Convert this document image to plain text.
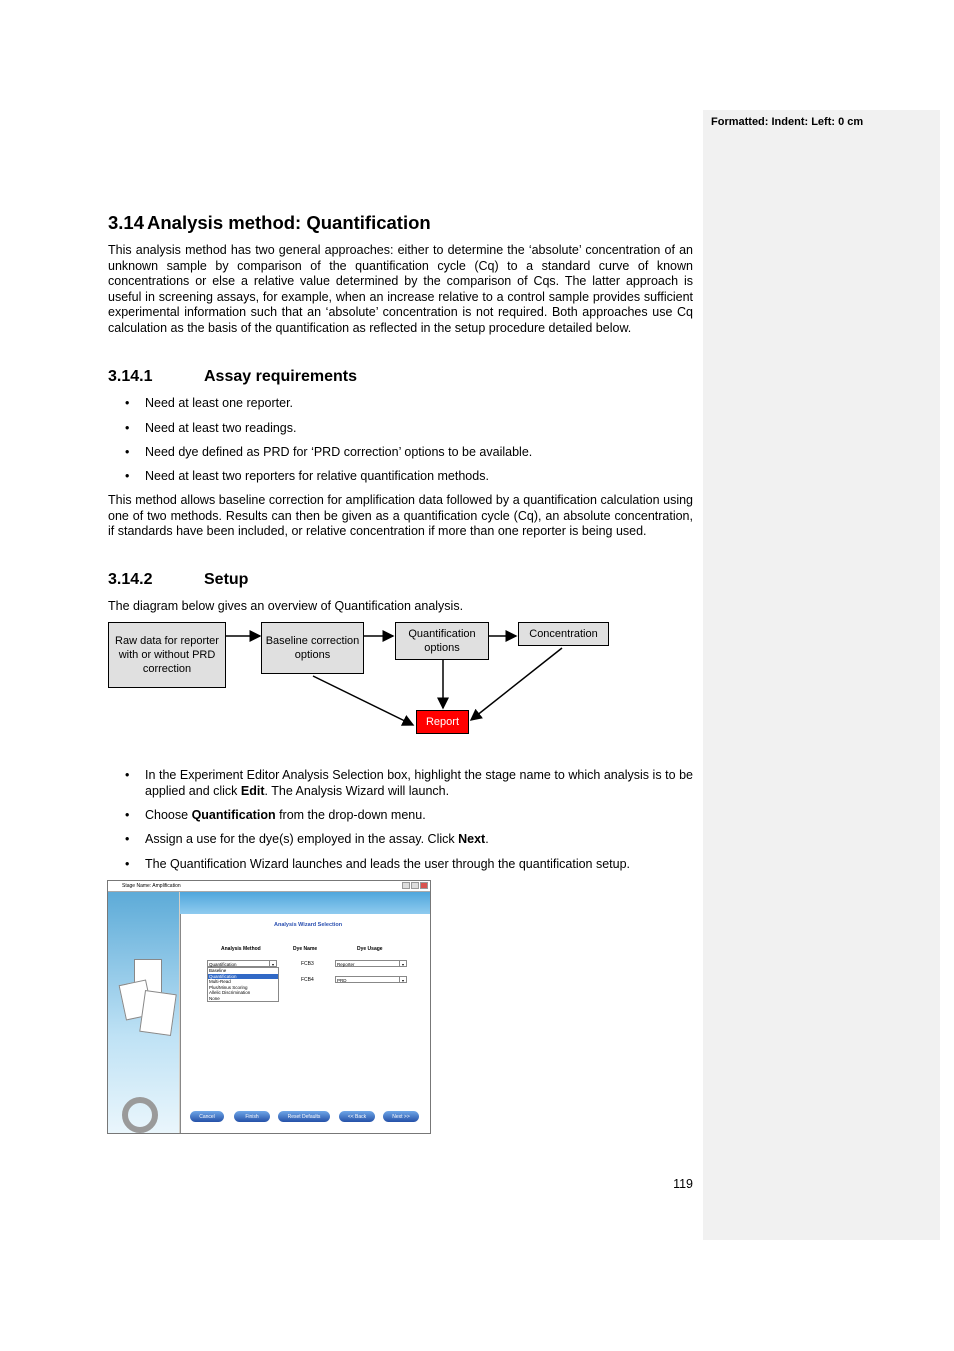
Formatted: Indent: Left: 0 cm
3.14 Analysis method: Quantification

This analysis method has two general approaches: either to determine the ‘absolute’ concentration of an unknown sample by comparison of the quantification cycle (Cq) to a standard curve of known concentrations or else a relative value determined by the comparison of Cqs. The latter approach is useful in screening assays, for example, when an increase relative to a control sample provides sufficient experimental information such that an ‘absolute’ concentration is not required. Both approaches use Cq calculation as the basis of the quantification as reflected in the setup procedure detailed below.

3.14.1	Assay requirements
• Need at least one reporter.
• Need at least two readings.
• Need dye defined as PRD for ‘PRD correction’ options to be available.
• Need at least two reporters for relative quantification methods.

This method allows baseline correction for amplification data followed by a quantification calculation using one of two methods. Results can then be given as a quantification cycle (Cq), an absolute concentration, if standards have been included, or relative concentration if more than one reporter is being used.

3.14.2	Setup

The diagram below gives an overview of Quantification analysis.

Raw data for reporter with or without PRD correction
Baseline correction options
Quantification options
Concentration
Report
• In the Experiment Editor Analysis Selection box, highlight the stage name to which analysis is to be applied and click Edit. The Analysis Wizard will launch.
• Choose Quantification from the drop-down menu.
• Assign a use for the dye(s) employed in the assay. Click Next.
• The Quantification Wizard launches and leads the user through the quantification setup.
Stage Name: Amplification
Analysis Wizard Selection
Analysis Method	Dye Name	Dye Usage
Quantification	▾
Baseline
Quantification
Multi-Read
Plus/Minus Scoring
Allelic Discrimination
None
FCB3	Reporter	▾
FCB4	PRD	▾
Cancel	Finish	Reset Defaults	<< Back	Next >>
119
